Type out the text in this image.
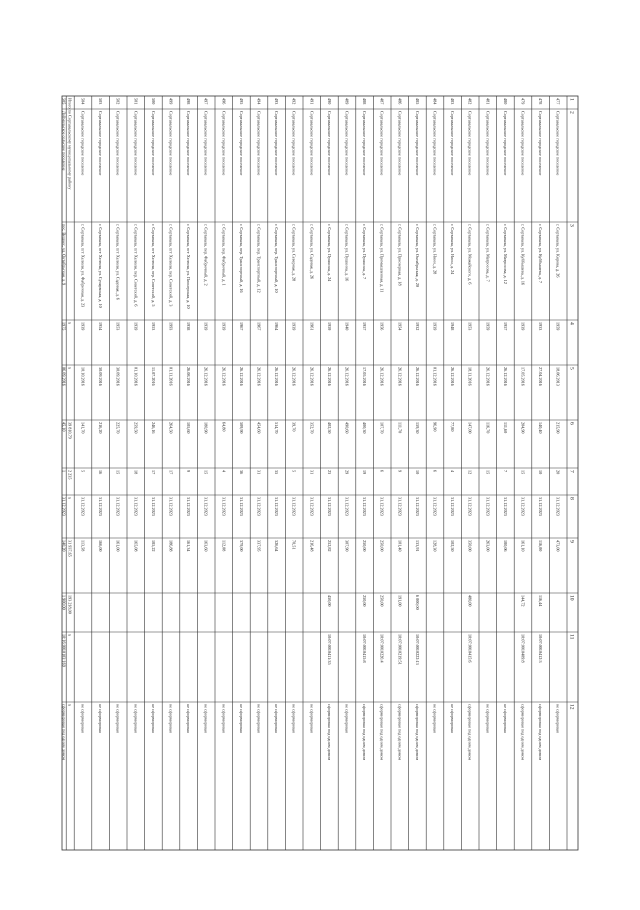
1
2
3
4
5
6
7
8
9
10
11
12
477
Сортавальское городское поселение
г. Сортавала, ул. Кирова, д. 26
1959
18.06.2013
215,90
20
31.12.2023
473,00
не сформирован
478
Сортавальское городское поселение
г. Сортавала, ул. Куйбышева, д. 7
1933
27.04.2016
140,40
10
31.12.2023
116,00
116,44
10:07:0010412:3
сформирован под одним домом
479
Сортавальское городское поселение
г. Сортавала, ул. Куйбышева, д. 16
1939
17.05.2016
204,90
15
31.12.2023
161,10
144,72
10:07:0010409:8
сформирован под одним домом
480
Сортавальское городское поселение
г. Сортавала, ул. Матросова, д. 12
1957
26.12.2016
111,60
7
31.12.2023
180,06
не сформирован
481
Сортавальское городское поселение
г. Сортавала, ул. Матросова, д. 7
1959
26.12.2016
116,70
15
31.12.2023
263,00
не сформирован
482
Сортавальское городское поселение
г. Сортавала, ул. Можайского, д. 6
1953
18.11.2016
147,00
12
31.12.2023
350,00
480,00
10:07:0010415:6
сформирован под одним домом
483
Сортавальское городское поселение
г. Сортавала, ул. Ниин, д. 24
1948
26.12.2016
77,80
4
31.12.2023
102,50
не сформирован
484
Сортавальское городское поселение
г. Сортавала, ул. Ниин, д. 28
1939
01.12.2016
96,90
6
31.12.2023
128,30
не сформирован
485
Сортавальское городское поселение
г. Сортавала, ул. Октябрьская, д. 20
1932
26.12.2016
159,30
10
31.12.2023
133,91
6 000,00
10:07:0010222:13
сформирован под одним домом
486
Сортавальское городское поселение
г. Сортавала, ул. Приозерная, д. 18
1954
26.12.2016
111,70
9
31.12.2023
101,40
191,00
10:07:0010219:51
сформирован под одним домом
487
Сортавальское городское поселение
г. Сортавала, ул. Промышленная, д. 11
1956
26.12.2016
107,70
6
31.12.2023
250,00
250,00
10:07:0010226:4
сформирован под одним домом
488
Сортавальское городское поселение
г. Сортавала, ул. Пушкина, д. 7
1957
17.05.2016
400,30
19
31.12.2023
250,00
250,00
10:07:0010415:8
сформирован под одним домом
489
Сортавальское городское поселение
г. Сортавала, ул. Пушкина, д. 16
1940
26.12.2016
490,60
29
31.12.2023
307,90
не сформирован
490
Сортавальское городское поселение
г. Сортавала, ул. Пушкина, д. 24
1959
26.12.2016
402,50
23
31.12.2023
252,82
450,00
10:07:0010411:35
сформирован под одним домом
491
Сортавальское городское поселение
г. Сортавала, ул. Садовая, д. 26
1961
26.12.2016
352,70
31
31.12.2023
216,48
не сформирован
492
Сортавальское городское поселение
г. Сортавала, ул. Северная, д. 28
1939
26.12.2016
39,70
5
31.12.2023
70,51
не сформирован
493
Сортавальское городское поселение
г. Сортавала, пер. Транспортный, д. 10
1964
26.12.2016
514,70
35
31.12.2023
326,64
не сформирован
494
Сортавальское городское поселение
г. Сортавала, пер. Транспортный, д. 12
1967
26.12.2016
454,60
31
31.12.2023
337,95
не сформирован
495
Сортавальское городское поселение
г. Сортавала, пер. Транспортный, д. 16
1967
26.12.2016
509,90
36
31.12.2023
379,00
не сформирован
496
Сортавальское городское поселение
г. Сортавала, пер. Фабричный, д. 1
1939
26.12.2016
64,80
4
31.12.2023
112,08
не сформирован
497
Сортавальское городское поселение
г. Сортавала, пер. Фабричный, д. 2
1939
26.12.2016
180,90
15
31.12.2023
163,60
не сформирован
498
Сортавальское городское поселение
г. Сортавала, пгт Хелюля, ул. Пионерская, д. 10
1938
26.08.2016
105,60
9
31.12.2023
161,34
не сформирован
499
Сортавальское городское поселение
г. Сортавала, пгт Хелюля, пер. Советский, д. 3
1993
01.11.2016
264,50
17
31.12.2023
186,88
не сформирован
500
Сортавальское городское поселение
г. Сортавала, пгт Хелюля, пер. Советский, д. 5
1953
11.07.2016
246,16
17
31.12.2023
185,22
не сформирован
501
Сортавальское городское поселение
г. Сортавала, пгт Хелюля, пер. Советский, д. 6
1939
01.10.2016
259,50
18
31.12.2023
165,08
не сформирован
502
Сортавальское городское поселение
г. Сортавала, пгт Хелюля, ул. Садовая, д. 6
1953
30.09.2016
225,70
15
31.12.2023
161,00
не сформирован
503
Сортавальское городское поселение
г. Сортавала, пгт Хелюля, ул. Суоярвская, д. 10
1954
30.09.2016
216,20
16
31.12.2023
166,00
не сформирован
504
Сортавальское городское поселение
г. Сортавала, пгт Хелюля, ул. Фабричная, д. 23
1939
10.10.2016
141,70
5
31.12.2023
113,58
не сформирован
Итого по Сортавальскому муниципальному району
x
x
39 810,79
2 235
x
31 937,65
193 218,00
x
x
505
Лоймольское сельское поселение
пос. Вешкес, ул. Октябрьская, д. 9
1975
06.09.2016
45,10
1
31.12.2023
140,20
1 900,00
10:16:0010103:169
сформирован под одним домом
